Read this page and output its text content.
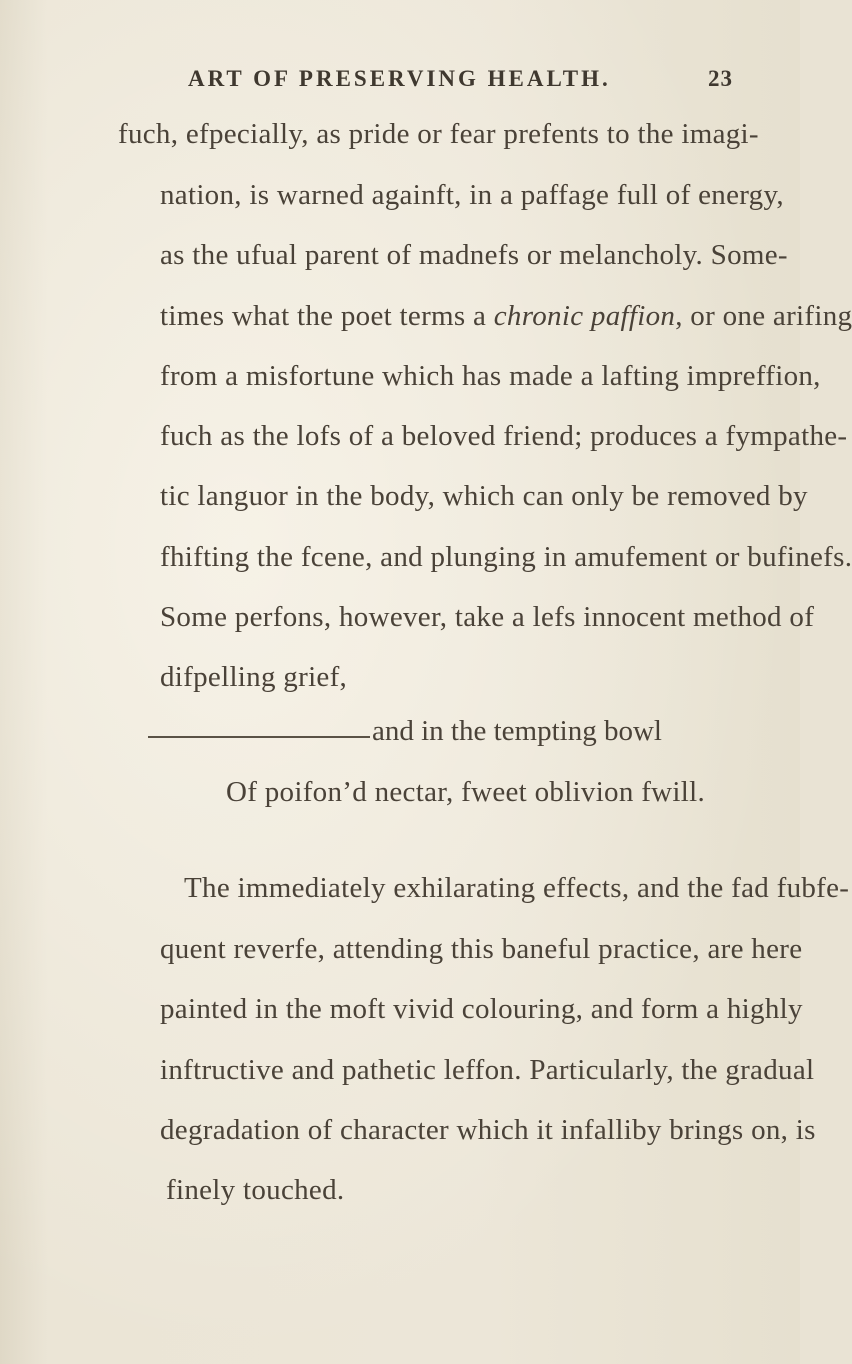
ART OF PRESERVING HEALTH.	23
fuch, efpecially, as pride or fear prefents to the imagi-
nation, is warned againft, in a paffage full of energy,
as the ufual parent of madnefs or melancholy. Some-
times what the poet terms a chronic paffion, or one arifing
from a misfortune which has made a lafting impreffion,
fuch as the lofs of a beloved friend; produces a fympathe-
tic languor in the body, which can only be removed by
fhifting the fcene, and plunging in amufement or bufinefs.
Some perfons, however, take a lefs innocent method of
difpelling grief,
and in the tempting bowl
Of poifon’d nectar, fweet oblivion fwill.
The immediately exhilarating effects, and the fad fubfe-
quent reverfe, attending this baneful practice, are here
painted in the moft vivid colouring, and form a highly
inftructive and pathetic leffon. Particularly, the gradual
degradation of character which it infalliby brings on, is
finely touched.
